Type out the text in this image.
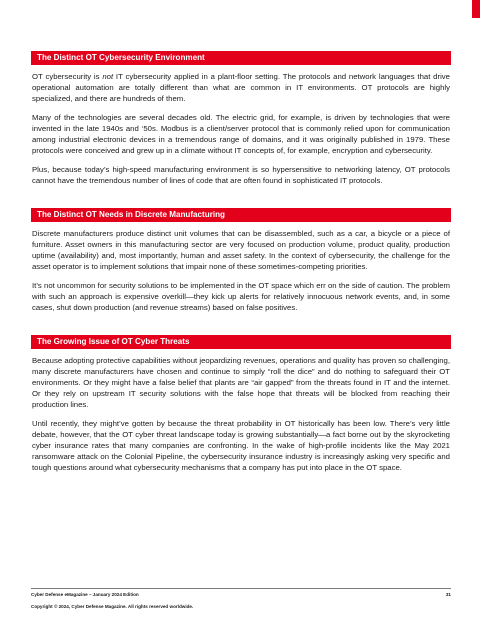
The Distinct OT Cybersecurity Environment

OT cybersecurity is not IT cybersecurity applied in a plant-floor setting. The protocols and network languages that drive operational automation are totally different than what are common in IT environments. OT protocols are highly specialized, and there are hundreds of them.

Many of the technologies are several decades old. The electric grid, for example, is driven by technologies that were invented in the late 1940s and ‘50s. Modbus is a client/server protocol that is commonly relied upon for communication among industrial electronic devices in a tremendous range of domains, and it was originally published in 1979. These protocols were conceived and grew up in a climate without IT concepts of, for example, encryption and cybersecurity.

Plus, because today’s high-speed manufacturing environment is so hypersensitive to networking latency, OT protocols cannot have the tremendous number of lines of code that are often found in sophisticated IT protocols.

The Distinct OT Needs in Discrete Manufacturing

Discrete manufacturers produce distinct unit volumes that can be disassembled, such as a car, a bicycle or a piece of furniture. Asset owners in this manufacturing sector are very focused on production volume, product quality, production uptime (availability) and, most importantly, human and asset safety. In the context of cybersecurity, the challenge for the asset operator is to implement solutions that impair none of these sometimes-competing priorities.

It’s not uncommon for security solutions to be implemented in the OT space which err on the side of caution. The problem with such an approach is expensive overkill—they kick up alerts for relatively innocuous network events, and, in some cases, shut down production (and revenue streams) based on false positives.

The Growing Issue of OT Cyber Threats

Because adopting protective capabilities without jeopardizing revenues, operations and quality has proven so challenging, many discrete manufacturers have chosen and continue to simply “roll the dice” and do nothing to safeguard their OT environments. Or they might have a false belief that plants are “air gapped” from the threats found in IT and the internet. Or they rely on upstream IT security solutions with the false hope that threats will be blocked from reaching their production lines.

Until recently, they might’ve gotten by because the threat probability in OT historically has been low. There’s very little debate, however, that the OT cyber threat landscape today is growing substantially—a fact borne out by the skyrocketing cyber insurance rates that many companies are confronting. In the wake of high-profile incidents like the May 2021 ransomware attack on the Colonial Pipeline, the cybersecurity insurance industry is increasingly asking very specific and tough questions around what cybersecurity mechanisms that a company has put into place in the OT space.

Cyber Defense eMagazine – January 2024 Edition	31
Copyright © 2024, Cyber Defense Magazine. All rights reserved worldwide.
